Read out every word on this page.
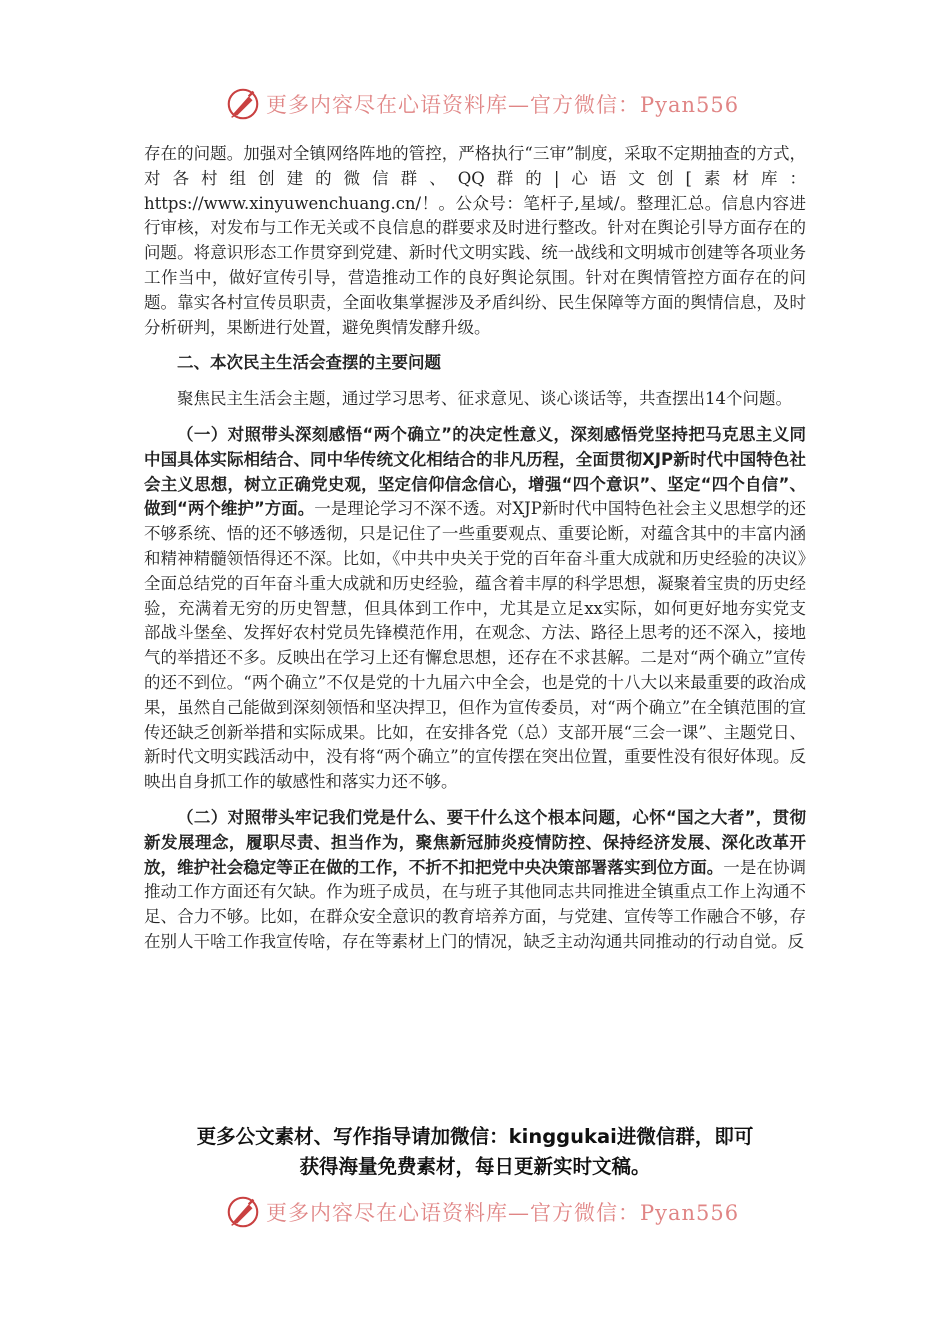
更多内容尽在心语资料库—官方微信：Pyan556

存在的问题。加强对全镇网络阵地的管控，严格执行“三审”制度，采取不定期抽查的方式，对各村组创建的微信群、QQ群的|心语文创[素材库：https://www.xinyuwenchuang.cn/！。公众号：笔杆子,星域/。整理汇总。信息内容进行审核，对发布与工作无关或不良信息的群要求及时进行整改。针对在舆论引导方面存在的问题。将意识形态工作贯穿到党建、新时代文明实践、统一战线和文明城市创建等各项业务工作当中，做好宣传引导，营造推动工作的良好舆论氛围。针对在舆情管控方面存在的问题。靠实各村宣传员职责，全面收集掌握涉及矛盾纠纷、民生保障等方面的舆情信息，及时分析研判，果断进行处置，避免舆情发酵升级。

二、本次民主生活会查摆的主要问题

聚焦民主生活会主题，通过学习思考、征求意见、谈心谈话等，共查摆出14个问题。

（一）对照带头深刻感悟“两个确立”的决定性意义，深刻感悟党坚持把马克思主义同中国具体实际相结合、同中华传统文化相结合的非凡历程，全面贯彻XJP新时代中国特色社会主义思想，树立正确党史观，坚定信仰信念信心，增强“四个意识”、坚定“四个自信”、做到“两个维护”方面。一是理论学习不深不透。对XJP新时代中国特色社会主义思想学的还不够系统、悟的还不够透彻，只是记住了一些重要观点、重要论断，对蕴含其中的丰富内涵和精神精髓领悟得还不深。比如，《中共中央关于党的百年奋斗重大成就和历史经验的决议》全面总结党的百年奋斗重大成就和历史经验，蕴含着丰厚的科学思想，凝聚着宝贵的历史经验，充满着无穷的历史智慧，但具体到工作中，尤其是立足xx实际，如何更好地夯实党支部战斗堡垒、发挥好农村党员先锋模范作用，在观念、方法、路径上思考的还不深入，接地气的举措还不多。反映出在学习上还有懈怠思想，还存在不求甚解。二是对“两个确立”宣传的还不到位。“两个确立”不仅是党的十九届六中全会，也是党的十八大以来最重要的政治成果，虽然自己能做到深刻领悟和坚决捍卫，但作为宣传委员，对“两个确立”在全镇范围的宣传还缺乏创新举措和实际成果。比如，在安排各党（总）支部开展“三会一课”、主题党日、新时代文明实践活动中，没有将“两个确立”的宣传摆在突出位置，重要性没有很好体现。反映出自身抓工作的敏感性和落实力还不够。

（二）对照带头牢记我们党是什么、要干什么这个根本问题，心怀“国之大者”，贯彻新发展理念，履职尽责、担当作为，聚焦新冠肺炎疫情防控、保持经济发展、深化改革开放，维护社会稳定等正在做的工作，不折不扣把党中央决策部署落实到位方面。一是在协调推动工作方面还有欠缺。作为班子成员，在与班子其他同志共同推进全镇重点工作上沟通不足、合力不够。比如，在群众安全意识的教育培养方面，与党建、宣传等工作融合不够，存在别人干啥工作我宣传啥，存在等素材上门的情况，缺乏主动沟通共同推动的行动自觉。反

更多公文素材、写作指导请加微信：kinggukai进微信群，即可
获得海量免费素材，每日更新实时文稿。
更多内容尽在心语资料库—官方微信：Pyan556
